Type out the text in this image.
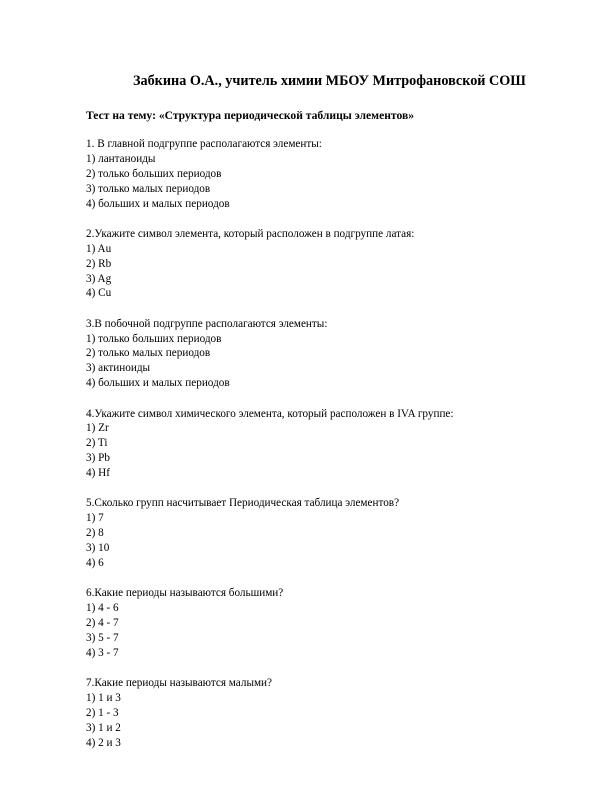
Забкина О.А., учитель химии МБОУ Митрофановской СОШ
Тест на тему: «Структура периодической таблицы элементов»
1. В главной подгруппе располагаются элементы:
1) лантаноиды
2) только больших периодов
3) только малых периодов
4) больших и малых периодов
2.Укажите символ элемента, который расположен в подгруппе латая:
1) Au
2) Rb
3) Ag
4) Cu
3.В побочной подгруппе располагаются элементы:
1) только больших периодов
2) только малых периодов
3) актиноиды
4) больших и малых периодов
4.Укажите символ химического элемента, который расположен в IVA группе:
1) Zr
2) Ti
3) Pb
4) Hf
5.Сколько групп насчитывает Периодическая таблица элементов?
1) 7
2) 8
3) 10
4) 6
6.Какие периоды называются большими?
1) 4 - 6
2) 4 - 7
3) 5 - 7
4) 3 - 7
7.Какие периоды называются малыми?
1) 1 и 3
2) 1 - 3
3) 1 и 2
4) 2 и 3
